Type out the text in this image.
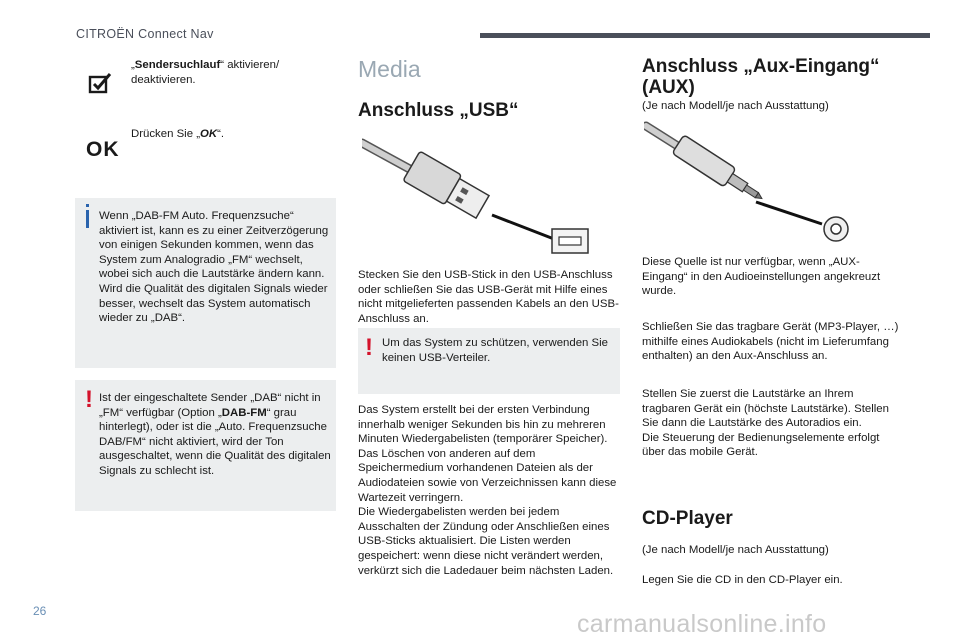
CITROËN Connect Nav
„Sendersuchlauf“ aktivieren/ deaktivieren.
OK
Drücken Sie „OK“.
Wenn „DAB-FM Auto. Frequenzsuche“ aktiviert ist, kann es zu einer Zeitverzögerung von einigen Sekunden kommen, wenn das System zum Analogradio „FM“ wechselt, wobei sich auch die Lautstärke ändern kann.
Wird die Qualität des digitalen Signals wieder besser, wechselt das System automatisch wieder zu „DAB“.
! Ist der eingeschaltete Sender „DAB“ nicht in „FM“ verfügbar (Option „DAB-FM“ grau hinterlegt), oder ist die „Auto. Frequenzsuche DAB/FM“ nicht aktiviert, wird der Ton ausgeschaltet, wenn die Qualität des digitalen Signals zu schlecht ist.
Media
Anschluss „USB“
Stecken Sie den USB-Stick in den USB-Anschluss oder schließen Sie das USB-Gerät mit Hilfe eines nicht mitgelieferten passenden Kabels an den USB-Anschluss an.
! Um das System zu schützen, verwenden Sie keinen USB-Verteiler.
Das System erstellt bei der ersten Verbindung innerhalb weniger Sekunden bis hin zu mehreren Minuten Wiedergabelisten (temporärer Speicher).
Das Löschen von anderen auf dem Speichermedium vorhandenen Dateien als der Audiodateien sowie von Verzeichnissen kann diese Wartezeit verringern.
Die Wiedergabelisten werden bei jedem Ausschalten der Zündung oder Anschließen eines USB-Sticks aktualisiert. Die Listen werden gespeichert: wenn diese nicht verändert werden, verkürzt sich die Ladedauer beim nächsten Laden.
Anschluss „Aux-Eingang“ (AUX)
(Je nach Modell/je nach Ausstattung)
Diese Quelle ist nur verfügbar, wenn „AUX-Eingang“ in den Audioeinstellungen angekreuzt wurde.
Schließen Sie das tragbare Gerät (MP3-Player, …) mithilfe eines Audiokabels (nicht im Lieferumfang enthalten) an den Aux-Anschluss an.
Stellen Sie zuerst die Lautstärke an Ihrem tragbaren Gerät ein (höchste Lautstärke). Stellen Sie dann die Lautstärke des Autoradios ein.
Die Steuerung der Bedienungselemente erfolgt über das mobile Gerät.
CD-Player
(Je nach Modell/je nach Ausstattung)
Legen Sie die CD in den CD-Player ein.
26	carmanualsonline.info
